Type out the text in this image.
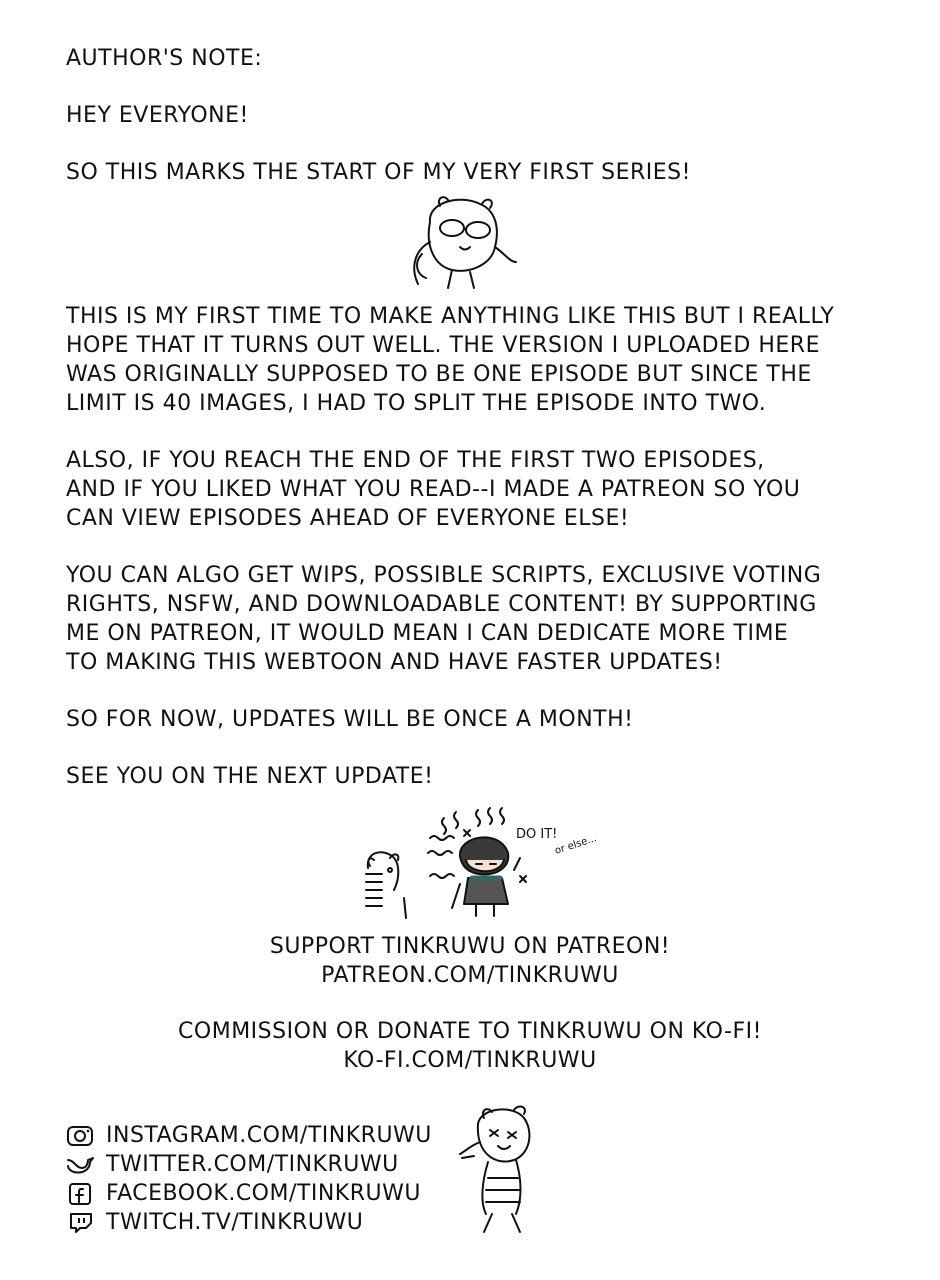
AUTHOR'S NOTE:
HEY EVERYONE!
SO THIS MARKS THE START OF MY VERY FIRST SERIES!
THIS IS MY FIRST TIME TO MAKE ANYTHING LIKE THIS BUT I REALLY
HOPE THAT IT TURNS OUT WELL. THE VERSION I UPLOADED HERE
WAS ORIGINALLY SUPPOSED TO BE ONE EPISODE BUT SINCE THE
LIMIT IS 40 IMAGES, I HAD TO SPLIT THE EPISODE INTO TWO.
ALSO, IF YOU REACH THE END OF THE FIRST TWO EPISODES,
AND IF YOU LIKED WHAT YOU READ--I MADE A PATREON SO YOU
CAN VIEW EPISODES AHEAD OF EVERYONE ELSE!
YOU CAN ALGO GET WIPS, POSSIBLE SCRIPTS, EXCLUSIVE VOTING
RIGHTS, NSFW, AND DOWNLOADABLE CONTENT! BY SUPPORTING
ME ON PATREON, IT WOULD MEAN I CAN DEDICATE MORE TIME
TO MAKING THIS WEBTOON AND HAVE FASTER UPDATES!
SO FOR NOW, UPDATES WILL BE ONCE A MONTH!
SEE YOU ON THE NEXT UPDATE!
DO IT!
or else...
SUPPORT TINKRUWU ON PATREON!
PATREON.COM/TINKRUWU
COMMISSION OR DONATE TO TINKRUWU ON KO-FI!
KO-FI.COM/TINKRUWU
INSTAGRAM.COM/TINKRUWU
TWITTER.COM/TINKRUWU
FACEBOOK.COM/TINKRUWU
TWITCH.TV/TINKRUWU
